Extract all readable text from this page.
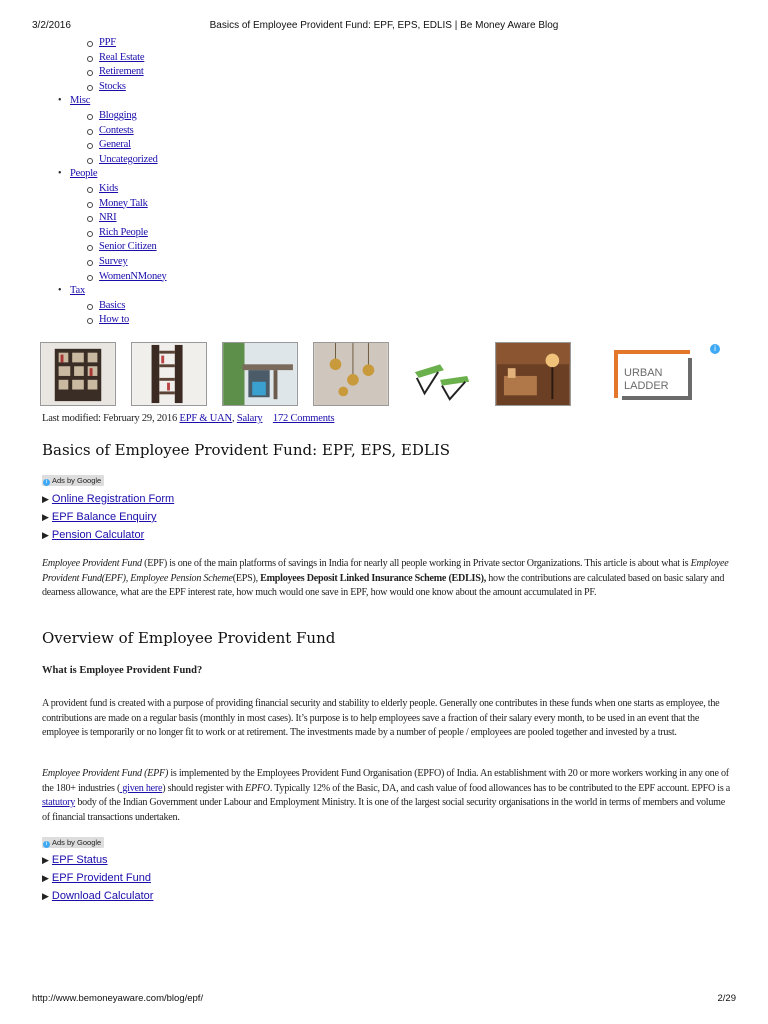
3/2/2016	Basics of Employee Provident Fund: EPF, EPS, EDLIS | Be Money Aware Blog
PPF
Real Estate
Retirement
Stocks
• Misc
Blogging
Contests
General
Uncategorized
• People
Kids
Money Talk
NRI
Rich People
Senior Citizen
Survey
WomenNMoney
• Tax
Basics
How to
URBAN
LADDER
i
Last modified: February 29, 2016 EPF & UAN, Salary 172 Comments
Basics of Employee Provident Fund: EPF, EPS, EDLIS
i Ads by Google
▶ Online Registration Form
▶ EPF Balance Enquiry
▶ Pension Calculator

Employee Provident Fund (EPF) is one of the main platforms of savings in India for nearly all people working in Private sector Organizations. This article is about what is Employee Provident Fund(EPF), Employee Pension Scheme(EPS), Employees Deposit Linked Insurance Scheme (EDLIS), how the contributions are calculated based on basic salary and dearness allowance, what are the EPF interest rate, how much would one save in EPF, how would one know about the amount accumulated in PF.

Overview of Employee Provident Fund
What is Employee Provident Fund?

A provident fund is created with a purpose of providing financial security and stability to elderly people. Generally one contributes in these funds when one starts as employee, the contributions are made on a regular basis (monthly in most cases). It’s purpose is to help employees save a fraction of their salary every month, to be used in an event that the employee is temporarily or no longer fit to work or at retirement. The investments made by a number of people / employees are pooled together and invested by a trust.

Employee Provident Fund (EPF) is implemented by the Employees Provident Fund Organisation (EPFO) of India. An establishment with 20 or more workers working in any one of the 180+ industries ( given here) should register with EPFO. Typically 12% of the Basic, DA, and cash value of food allowances has to be contributed to the EPF account. EPFO is a statutory body of the Indian Government under Labour and Employment Ministry. It is one of the largest social security organisations in the world in terms of members and volume of financial transactions undertaken.

i Ads by Google
▶ EPF Status
▶ EPF Provident Fund
▶ Download Calculator
http://www.bemoneyaware.com/blog/epf/	2/29
